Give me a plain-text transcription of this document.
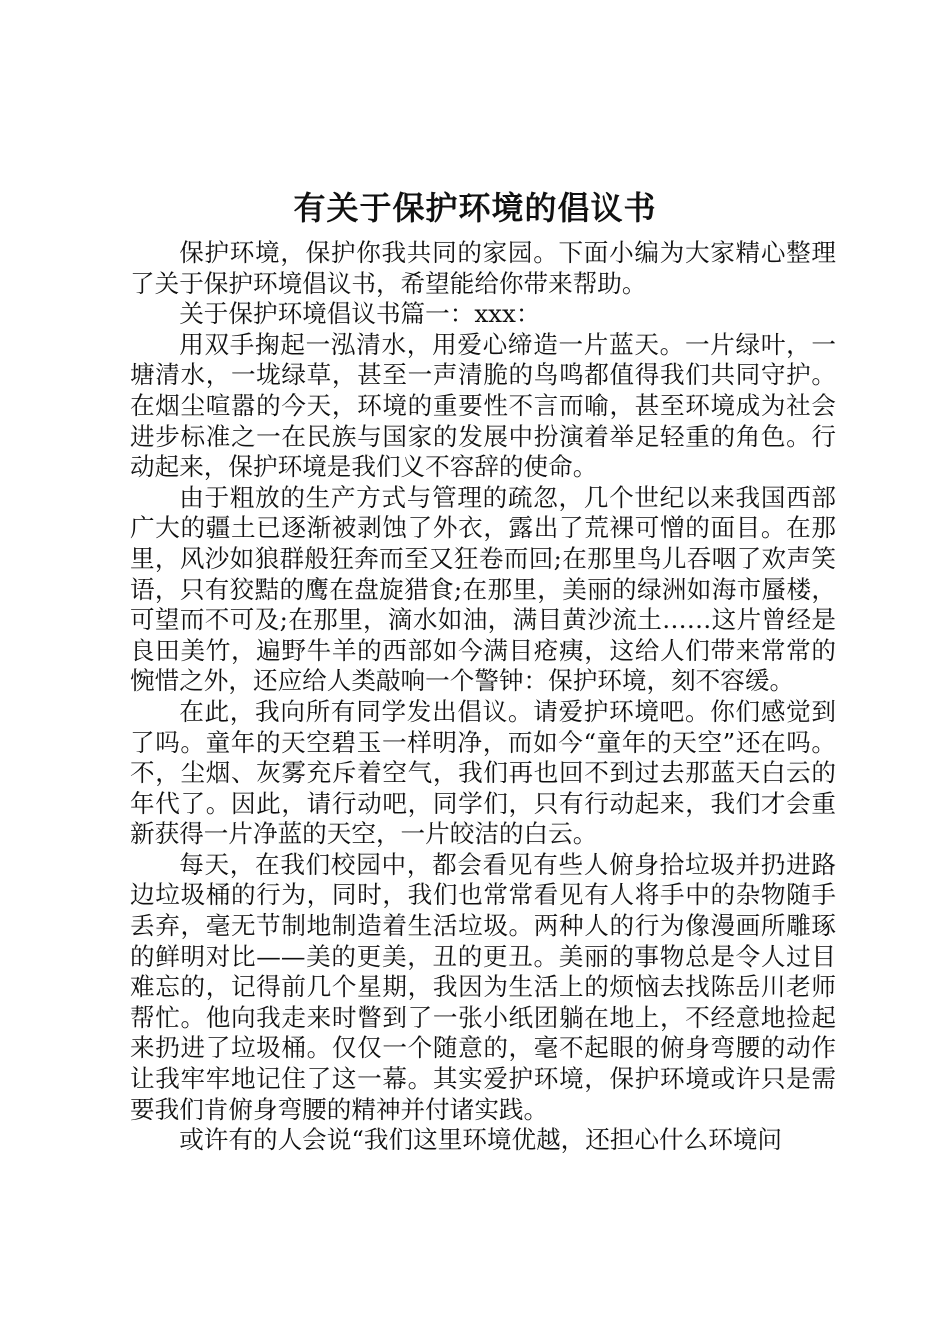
有关于保护环境的倡议书

保护环境，保护你我共同的家园。下面小编为大家精心整理了关于保护环境倡议书，希望能给你带来帮助。

关于保护环境倡议书篇一：xxx：

用双手掬起一泓清水，用爱心缔造一片蓝天。一片绿叶，一塘清水，一垅绿草，甚至一声清脆的鸟鸣都值得我们共同守护。在烟尘喧嚣的今天，环境的重要性不言而喻，甚至环境成为社会进步标准之一在民族与国家的发展中扮演着举足轻重的角色。行动起来，保护环境是我们义不容辞的使命。

由于粗放的生产方式与管理的疏忽，几个世纪以来我国西部广大的疆土已逐渐被剥蚀了外衣，露出了荒裸可憎的面目。在那里，风沙如狼群般狂奔而至又狂卷而回;在那里鸟儿吞咽了欢声笑语，只有狡黠的鹰在盘旋猎食;在那里，美丽的绿洲如海市蜃楼，可望而不可及;在那里，滴水如油，满目黄沙流土……这片曾经是良田美竹，遍野牛羊的西部如今满目疮痍，这给人们带来常常的惋惜之外，还应给人类敲响一个警钟：保护环境，刻不容缓。

在此，我向所有同学发出倡议。请爱护环境吧。你们感觉到了吗。童年的天空碧玉一样明净，而如今“童年的天空”还在吗。不，尘烟、灰雾充斥着空气，我们再也回不到过去那蓝天白云的年代了。因此，请行动吧，同学们，只有行动起来，我们才会重新获得一片净蓝的天空，一片皎洁的白云。

每天，在我们校园中，都会看见有些人俯身拾垃圾并扔进路边垃圾桶的行为，同时，我们也常常看见有人将手中的杂物随手丢弃，毫无节制地制造着生活垃圾。两种人的行为像漫画所雕琢的鲜明对比——美的更美，丑的更丑。美丽的事物总是令人过目难忘的，记得前几个星期，我因为生活上的烦恼去找陈岳川老师帮忙。他向我走来时瞥到了一张小纸团躺在地上，不经意地捡起来扔进了垃圾桶。仅仅一个随意的，毫不起眼的俯身弯腰的动作让我牢牢地记住了这一幕。其实爱护环境，保护环境或许只是需要我们肯俯身弯腰的精神并付诸实践。

或许有的人会说“我们这里环境优越，还担心什么环境问
